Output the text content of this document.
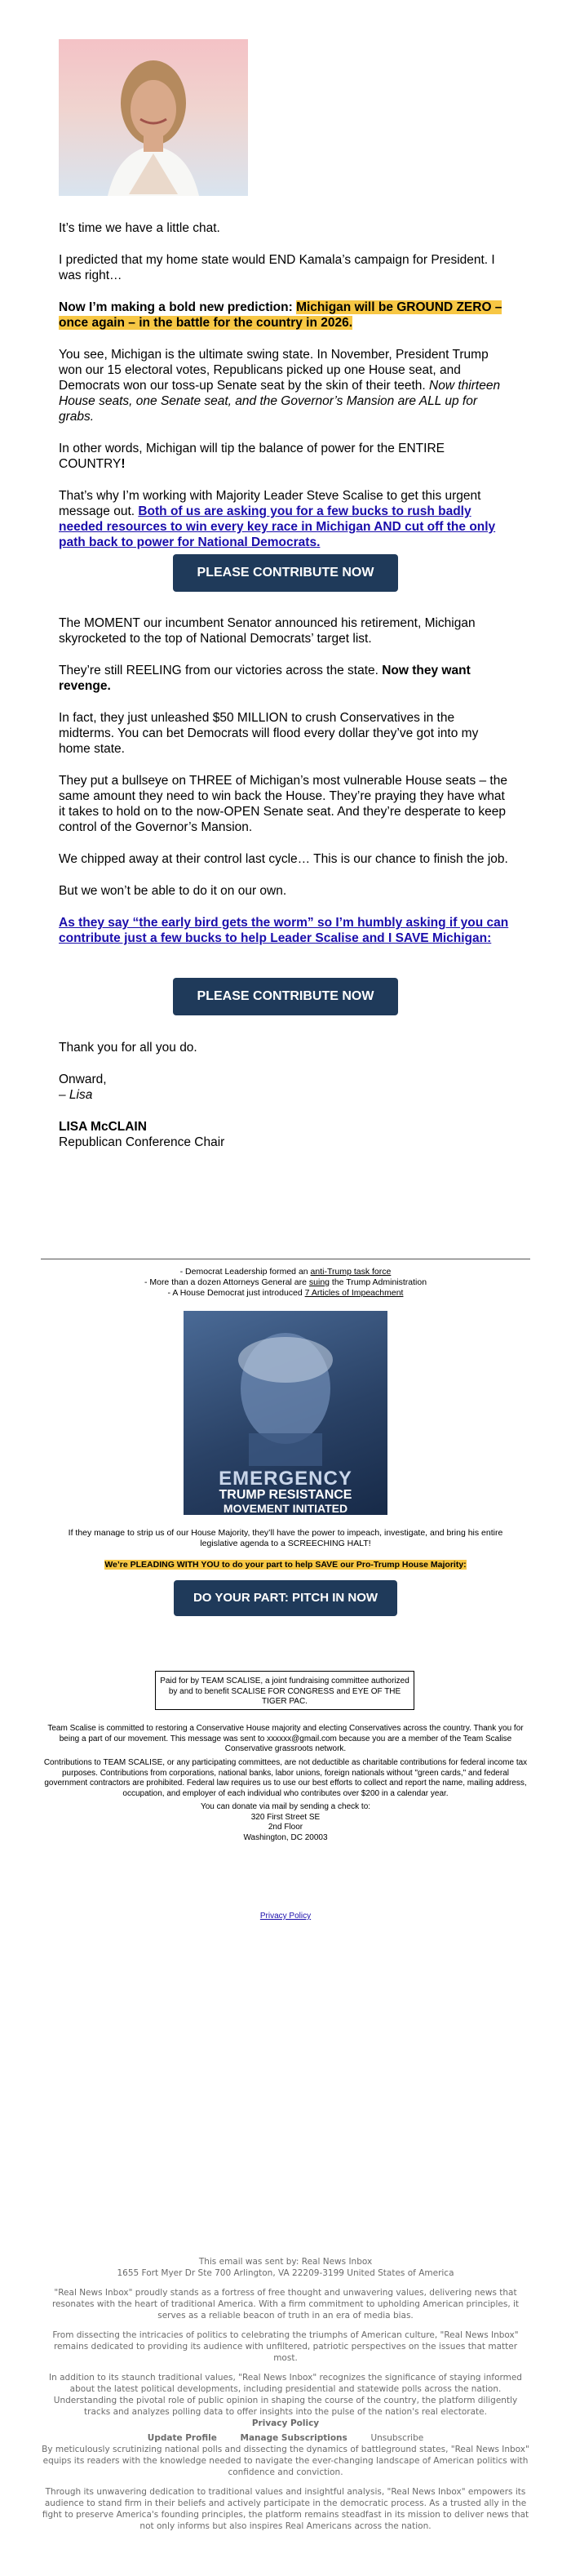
It’s time we have a little chat.

I predicted that my home state would END Kamala’s campaign for President. I was right…

Now I’m making a bold new prediction: Michigan will be GROUND ZERO – once again – in the battle for the country in 2026.

You see, Michigan is the ultimate swing state. In November, President Trump won our 15 electoral votes, Republicans picked up one House seat, and Democrats won our toss-up Senate seat by the skin of their teeth. Now thirteen House seats, one Senate seat, and the Governor’s Mansion are ALL up for grabs.

In other words, Michigan will tip the balance of power for the ENTIRE COUNTRY!

That’s why I’m working with Majority Leader Steve Scalise to get this urgent message out. Both of us are asking you for a few bucks to rush badly needed resources to win every key race in Michigan AND cut off the only path back to power for National Democrats.

PLEASE CONTRIBUTE NOW

The MOMENT our incumbent Senator announced his retirement, Michigan skyrocketed to the top of National Democrats’ target list.

They’re still REELING from our victories across the state. Now they want revenge.

In fact, they just unleashed $50 MILLION to crush Conservatives in the midterms. You can bet Democrats will flood every dollar they’ve got into my home state.

They put a bullseye on THREE of Michigan’s most vulnerable House seats – the same amount they need to win back the House. They’re praying they have what it takes to hold on to the now-OPEN Senate seat. And they’re desperate to keep control of the Governor’s Mansion.

We chipped away at their control last cycle… This is our chance to finish the job.

But we won’t be able to do it on our own.

As they say “the early bird gets the worm” so I’m humbly asking if you can contribute just a few bucks to help Leader Scalise and I SAVE Michigan:

PLEASE CONTRIBUTE NOW

Thank you for all you do.

Onward,

– Lisa

LISA McCLAIN

Republican Conference Chair

- Democrat Leadership formed an anti-Trump task force
- More than a dozen Attorneys General are suing the Trump Administration
- A House Democrat just introduced 7 Articles of Impeachment
EMERGENCY
TRUMP RESISTANCE
MOVEMENT INITIATED
If they manage to strip us of our House Majority, they’ll have the power to impeach, investigate, and bring his entire legislative agenda to a SCREECHING HALT!
We’re PLEADING WITH YOU to do your part to help SAVE our Pro-Trump House Majority:
DO YOUR PART: PITCH IN NOW
Paid for by TEAM SCALISE, a joint fundraising committee authorized by and to benefit SCALISE FOR CONGRESS and EYE OF THE TIGER PAC.
Team Scalise is committed to restoring a Conservative House majority and electing Conservatives across the country. Thank you for being a part of our movement. This message was sent to xxxxxx@gmail.com because you are a member of the Team Scalise Conservative grassroots network.
Contributions to TEAM SCALISE, or any participating committees, are not deductible as charitable contributions for federal income tax purposes. Contributions from corporations, national banks, labor unions, foreign nationals without "green cards," and federal government contractors are prohibited. Federal law requires us to use our best efforts to collect and report the name, mailing address, occupation, and employer of each individual who contributes over $200 in a calendar year.
You can donate via mail by sending a check to:
320 First Street SE
2nd Floor
Washington, DC 20003
Privacy Policy
This email was sent by: Real News Inbox
1655 Fort Myer Dr Ste 700 Arlington, VA 22209-3199 United States of America
"Real News Inbox" proudly stands as a fortress of free thought and unwavering values, delivering news that resonates with the heart of traditional America. With a firm commitment to upholding American principles, it serves as a reliable beacon of truth in an era of media bias.
From dissecting the intricacies of politics to celebrating the triumphs of American culture, "Real News Inbox" remains dedicated to providing its audience with unfiltered, patriotic perspectives on the issues that matter most.
In addition to its staunch traditional values, "Real News Inbox" recognizes the significance of staying informed about the latest political developments, including presidential and statewide polls across the nation. Understanding the pivotal role of public opinion in shaping the course of the country, the platform diligently tracks and analyzes polling data to offer insights into the pulse of the nation's real electorate.
Privacy Policy
Update Profile	Manage Subscriptions	Unsubscribe
By meticulously scrutinizing national polls and dissecting the dynamics of battleground states, "Real News Inbox" equips its readers with the knowledge needed to navigate the ever-changing landscape of American politics with confidence and conviction.
Through its unwavering dedication to traditional values and insightful analysis, "Real News Inbox" empowers its audience to stand firm in their beliefs and actively participate in the democratic process. As a trusted ally in the fight to preserve America's founding principles, the platform remains steadfast in its mission to deliver news that not only informs but also inspires Real Americans across the nation.
